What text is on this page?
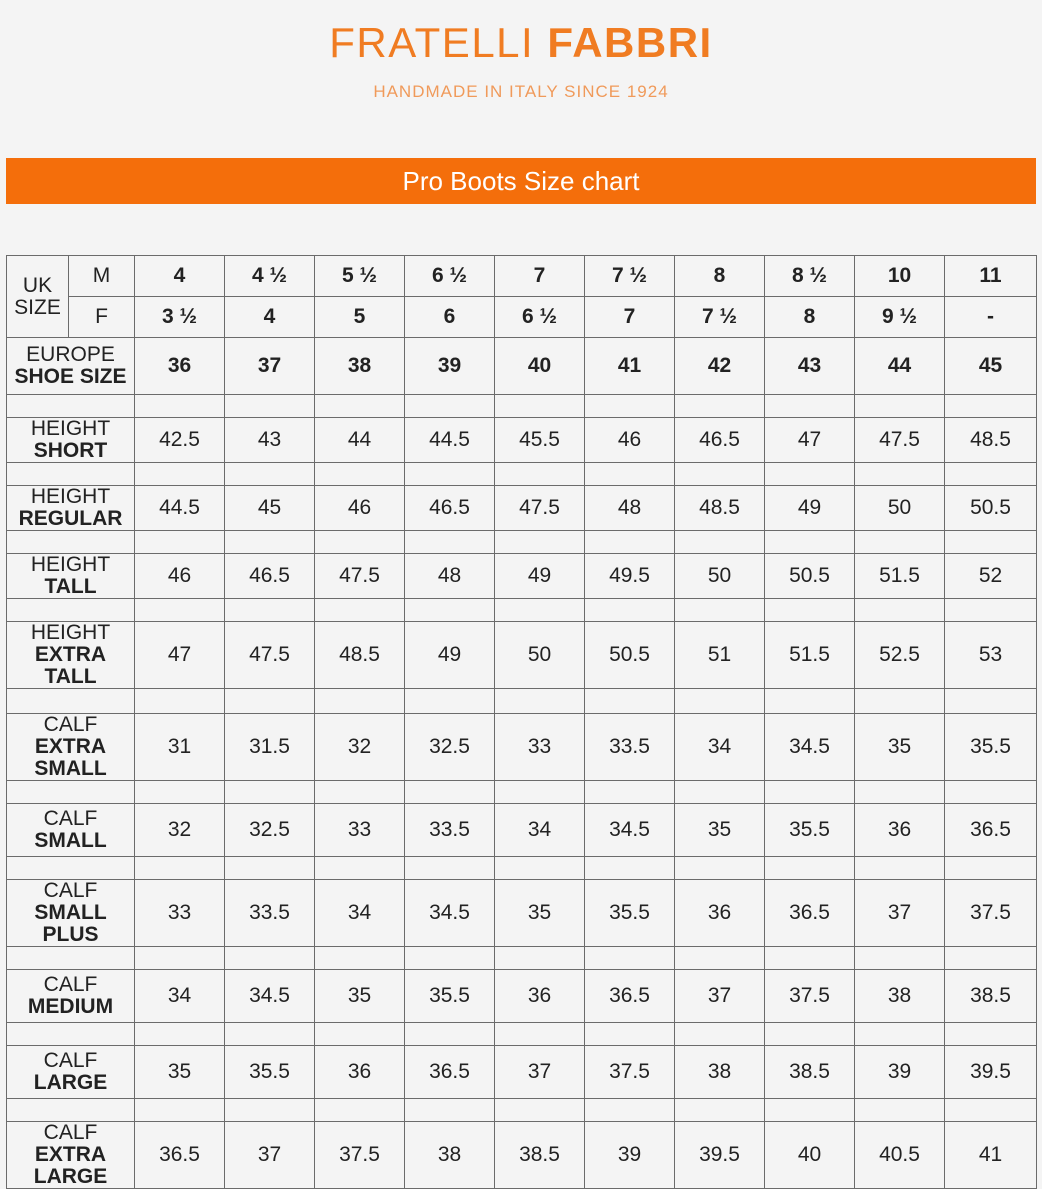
FRATELLI FABBRI
HANDMADE IN ITALY SINCE 1924
Pro Boots Size chart
UK
SIZE	M	4	4 ½	5 ½	6 ½	7	7 ½	8	8 ½	10	11
	F	3 ½	4	5	6	6 ½	7	7 ½	8	9 ½	-

EUROPE
SHOE SIZE		36	37	38	39	40	41	42	43	44	45

HEIGHT
SHORT		42.5	43	44	44.5	45.5	46	46.5	47	47.5	48.5

HEIGHT
REGULAR		44.5	45	46	46.5	47.5	48	48.5	49	50	50.5

HEIGHT
TALL		46	46.5	47.5	48	49	49.5	50	50.5	51.5	52

HEIGHT
EXTRA TALL		47	47.5	48.5	49	50	50.5	51	51.5	52.5	53

CALF
EXTRA SMALL		31	31.5	32	32.5	33	33.5	34	34.5	35	35.5

CALF
SMALL		32	32.5	33	33.5	34	34.5	35	35.5	36	36.5

CALF
SMALL PLUS		33	33.5	34	34.5	35	35.5	36	36.5	37	37.5

CALF
MEDIUM		34	34.5	35	35.5	36	36.5	37	37.5	38	38.5

CALF
LARGE		35	35.5	36	36.5	37	37.5	38	38.5	39	39.5

CALF
EXTRA LARGE		36.5	37	37.5	38	38.5	39	39.5	40	40.5	41
